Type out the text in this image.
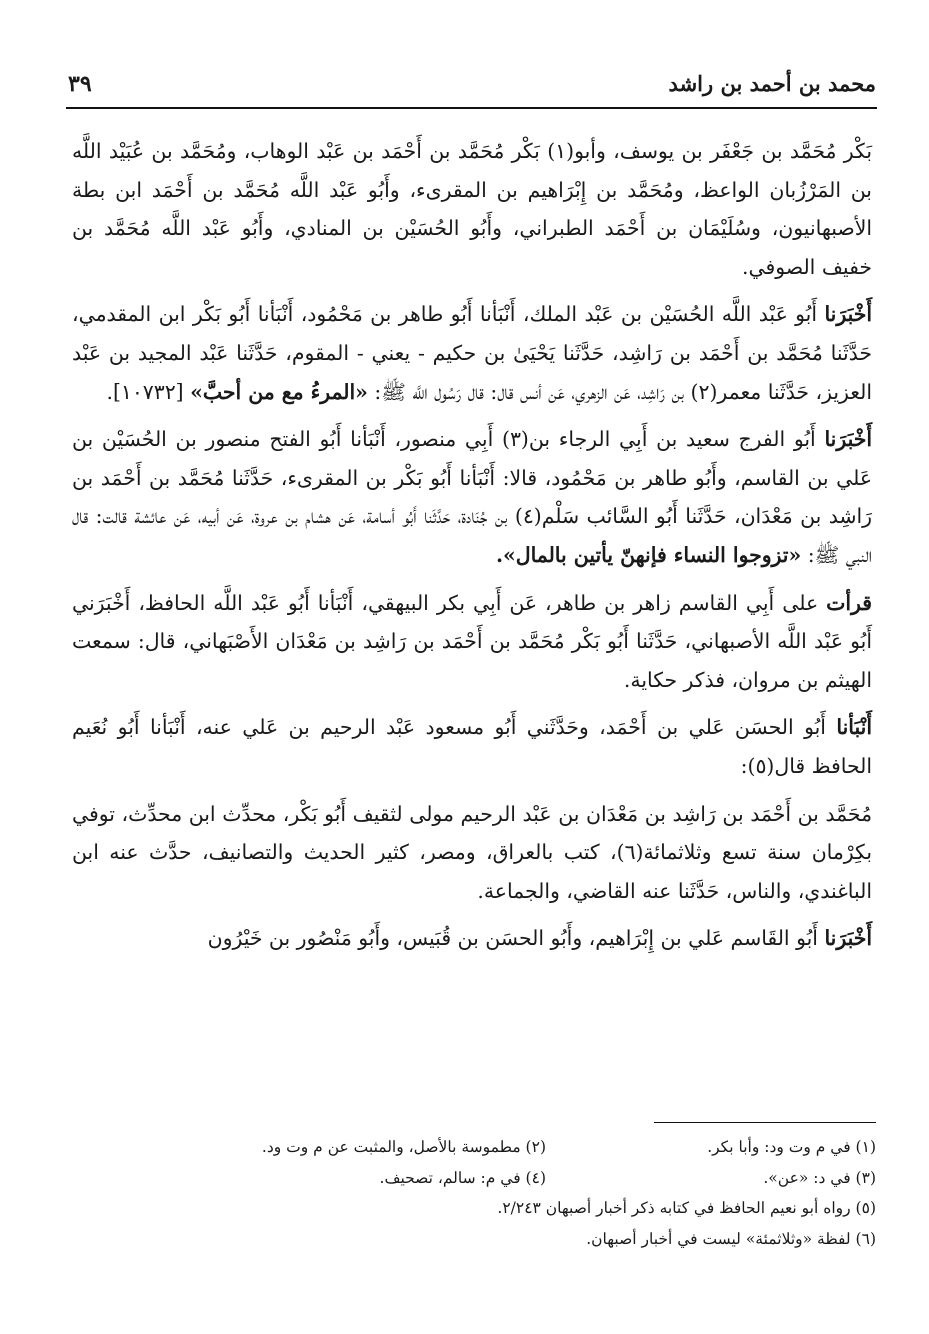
محمد بن أحمد بن راشد
٣٩

بَكْر مُحَمَّد بن جَعْفَر بن يوسف، وأبو(١) بَكْر مُحَمَّد بن أَحْمَد بن عَبْد الوهاب، ومُحَمَّد بن عُبَيْد اللَّه بن المَرْزُبان الواعظ، ومُحَمَّد بن إِبْرَاهيم بن المقرىء، وأَبُو عَبْد اللَّه مُحَمَّد بن أَحْمَد ابن بطة الأصبهانيون، وسُلَيْمَان بن أَحْمَد الطبراني، وأَبُو الحُسَيْن بن المنادي، وأَبُو عَبْد اللَّه مُحَمَّد بن خفيف الصوفي.

أَخْبَرَنا أَبُو عَبْد اللَّه الحُسَيْن بن عَبْد الملك، أَنْبَأنا أَبُو طاهر بن مَحْمُود، أَنْبَأنا أَبُو بَكْر ابن المقدمي، حَدَّثَنا مُحَمَّد بن أَحْمَد بن رَاشِد، حَدَّثَنا يَحْيَىٰ بن حكيم - يعني - المقوم، حَدَّثَنا عَبْد المجيد بن عَبْد العزيز، حَدَّثَنا معمر(٢) بن رَاشِد، عَن الزهري، عَن أنس قال: قال رَسُول اللَّه ﷺ: «المرءُ مع من أحبَّ» [١٠٧٣٢].

أَخْبَرَنا أَبُو الفرج سعيد بن أَبِي الرجاء بن(٣) أَبِي منصور، أَنْبَأنا أَبُو الفتح منصور بن الحُسَيْن بن عَلي بن القاسم، وأَبُو طاهر بن مَحْمُود، قالا: أَنْبَأنا أَبُو بَكْر بن المقرىء، حَدَّثَنا مُحَمَّد بن أَحْمَد بن رَاشِد بن مَعْدَان، حَدَّثَنا أَبُو السَّائب سَلْم(٤) بن جُنَادة، حَدَّثَنا أَبُو أسامة، عَن هشام بن عروة، عَن أبيه، عَن عائشة قالت: قال النبي ﷺ: «تزوجوا النساء فإنهنّ يأتين بالمال».

قرأت على أَبِي القاسم زاهر بن طاهر، عَن أَبِي بكر البيهقي، أَنْبَأنا أَبُو عَبْد اللَّه الحافظ، أَخْبَرَني أَبُو عَبْد اللَّه الأصبهاني، حَدَّثَنا أَبُو بَكْر مُحَمَّد بن أَحْمَد بن رَاشِد بن مَعْدَان الأَصْبَهاني، قال: سمعت الهيثم بن مروان، فذكر حكاية.

أَنْبَأنا أَبُو الحسَن عَلي بن أَحْمَد، وحَدَّثَني أَبُو مسعود عَبْد الرحيم بن عَلي عنه، أَنْبَأنا أَبُو نُعَيم الحافظ قال(٥):

مُحَمَّد بن أَحْمَد بن رَاشِد بن مَعْدَان بن عَبْد الرحيم مولى لثقيف أَبُو بَكْر، محدِّث ابن محدِّث، توفي بكِرْمان سنة تسع وثلاثمائة(٦)، كتب بالعراق، ومصر، كثير الحديث والتصانيف، حدَّث عنه ابن الباغندي، والناس، حَدَّثَنا عنه القاضي، والجماعة.

أَخْبَرَنا أَبُو القَاسم عَلي بن إِبْرَاهيم، وأَبُو الحسَن بن قُبَيس، وأَبُو مَنْصُور بن خَيْرُون

(١) في م وت ود: وأبا بكر.
(٢) مطموسة بالأصل، والمثبت عن م وت ود.
(٣) في د: «عن».
(٤) في م: سالم، تصحيف.
(٥) رواه أبو نعيم الحافظ في كتابه ذكر أخبار أصبهان ٢/٢٤٣.
(٦) لفظة «وثلاثمئة» ليست في أخبار أصبهان.
